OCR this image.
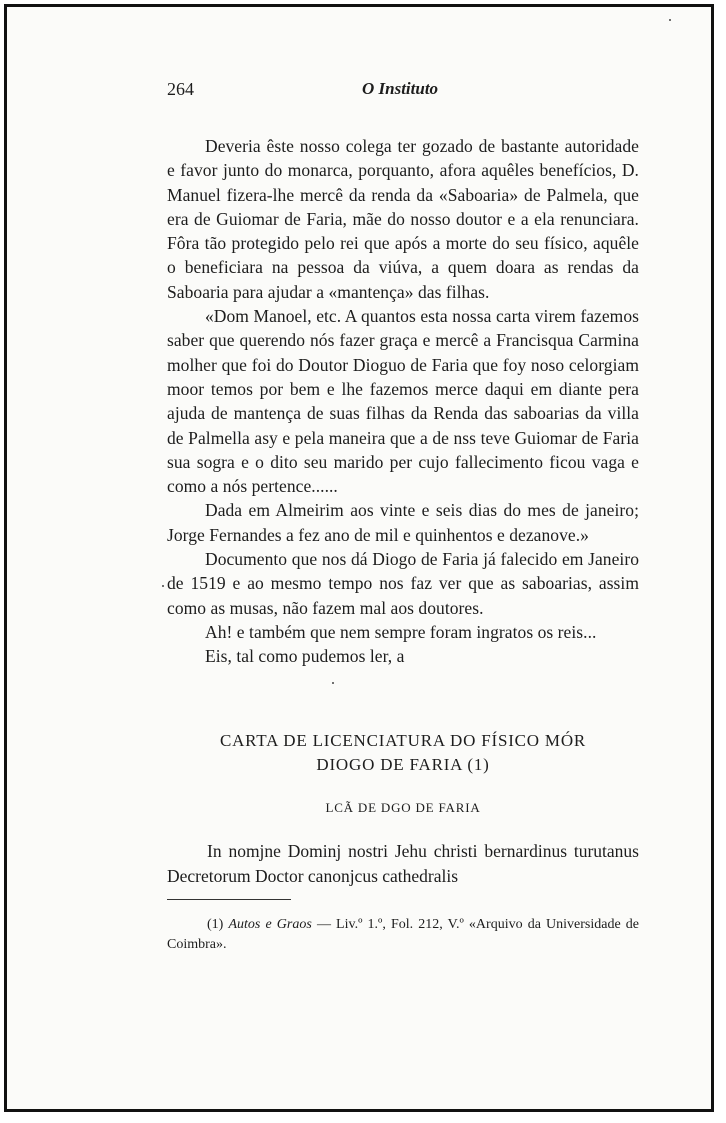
264	O Instituto

Deveria êste nosso colega ter gozado de bastante autoridade e favor junto do monarca, porquanto, afora aquêles benefícios, D. Manuel fizera-lhe mercê da renda da «Saboaria» de Palmela, que era de Guiomar de Faria, mãe do nosso doutor e a ela renunciara. Fôra tão protegido pelo rei que após a morte do seu físico, aquêle o beneficiara na pessoa da viúva, a quem doara as rendas da Saboaria para ajudar a «mantença» das filhas.

«Dom Manoel, etc. A quantos esta nossa carta virem fazemos saber que querendo nós fazer graça e mercê a Francisqua Carmina molher que foi do Doutor Dioguo de Faria que foy noso celorgiam moor temos por bem e lhe fazemos merce daqui em diante pera ajuda de mantença de suas filhas da Renda das saboarias da villa de Palmella asy e pela maneira que a de nss teve Guiomar de Faria sua sogra e o dito seu marido per cujo fallecimento ficou vaga e como a nós pertence......

Dada em Almeirim aos vinte e seis dias do mes de janeiro; Jorge Fernandes a fez ano de mil e quinhentos e dezanove.»

Documento que nos dá Diogo de Faria já falecido em Janeiro de 1519 e ao mesmo tempo nos faz ver que as saboarias, assim como as musas, não fazem mal aos doutores.

Ah! e também que nem sempre foram ingratos os reis...

Eis, tal como pudemos ler, a

CARTA DE LICENCIATURA DO FÍSICO MÓR
DIOGO DE FARIA (1)
LCÃ DE DGO DE FARIA

In nomjne Dominj nostri Jehu christi bernardinus turutanus Decretorum Doctor canonjcus cathedralis

(1) Autos e Graos — Liv.º 1.º, Fol. 212, V.º «Arquivo da Universidade de Coimbra».
